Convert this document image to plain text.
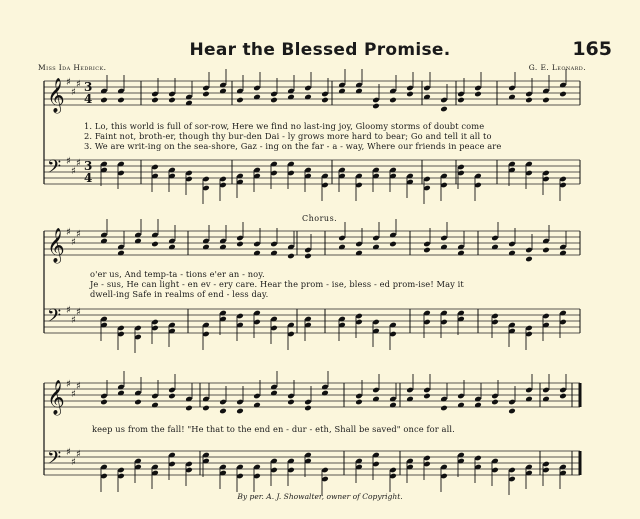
Hear the Blessed Promise.	165
Miss Ida Hedrick.	G. E. Leonard.
𝄞 ♯
♯
♯
𝄢 ♯
♯
♯
3
3
4
4
𝄞 ♯
♯
♯
𝄢 ♯
♯
♯
𝄞 ♯
♯
♯
𝄢 ♯
♯
♯
1. Lo, this world is full of sor-row, Here we find no last-ing joy, Gloomy storms of doubt come
2. Faint not, broth-er, though thy bur-den Dai - ly grows more hard to bear; Go and tell it all to
3. We are writ-ing on the sea-shore, Gaz - ing on the far - a - way, Where our friends in peace are
Chorus.
o'er us, And temp-ta - tions e'er an - noy.
Je - sus, He can light - en ev - ery care. Hear the prom - ise, bless - ed prom-ise! May it
dwell-ing Safe in realms of end - less day.
keep us from the fall! "He that to the end en - dur - eth, Shall be saved" once for all.
By per. A. J. Showalter, owner of Copyright.
